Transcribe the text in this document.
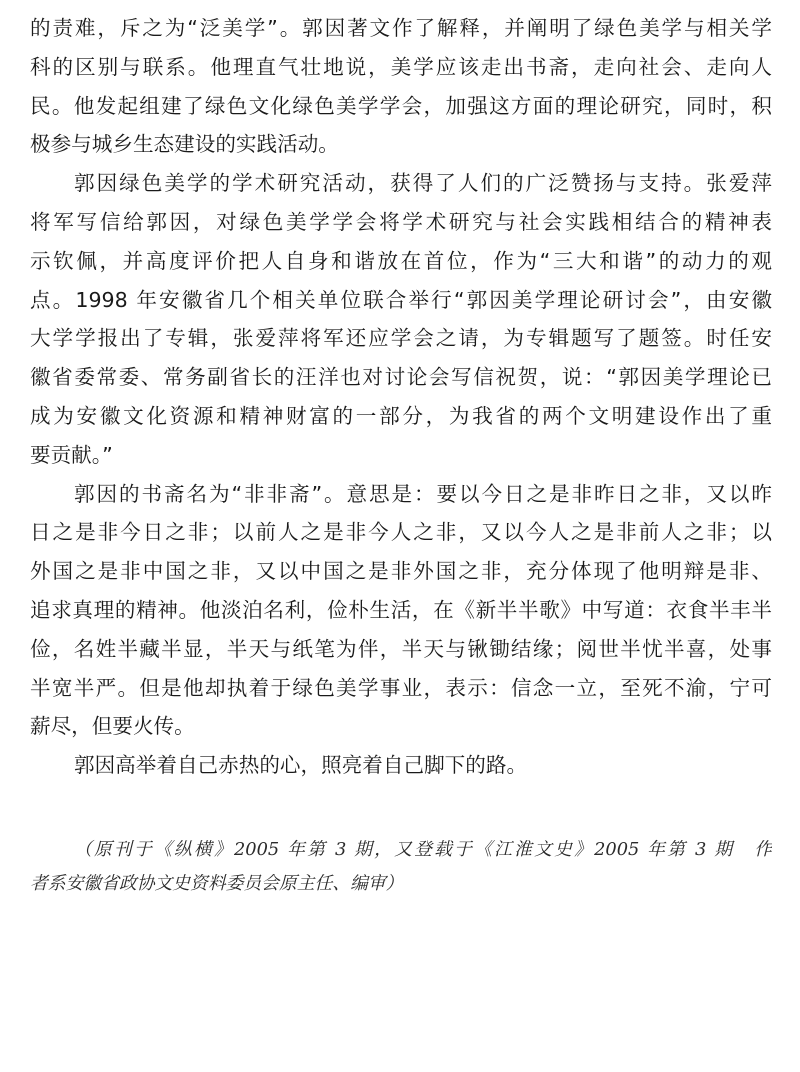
的责难，斥之为“泛美学”。郭因著文作了解释，并阐明了绿色美学与相关学
科的区别与联系。他理直气壮地说，美学应该走出书斋，走向社会、走向人
民。他发起组建了绿色文化绿色美学学会，加强这方面的理论研究，同时，积
极参与城乡生态建设的实践活动。
郭因绿色美学的学术研究活动，获得了人们的广泛赞扬与支持。张爱萍
将军写信给郭因，对绿色美学学会将学术研究与社会实践相结合的精神表
示钦佩，并高度评价把人自身和谐放在首位，作为“三大和谐”的动力的观
点。1998 年安徽省几个相关单位联合举行“郭因美学理论研讨会”，由安徽
大学学报出了专辑，张爱萍将军还应学会之请，为专辑题写了题签。时任安
徽省委常委、常务副省长的汪洋也对讨论会写信祝贺，说：“郭因美学理论已
成为安徽文化资源和精神财富的一部分，为我省的两个文明建设作出了重
要贡献。”
郭因的书斋名为“非非斋”。意思是：要以今日之是非昨日之非，又以昨
日之是非今日之非；以前人之是非今人之非，又以今人之是非前人之非；以
外国之是非中国之非，又以中国之是非外国之非，充分体现了他明辩是非、
追求真理的精神。他淡泊名利，俭朴生活，在《新半半歌》中写道：衣食半丰半
俭，名姓半藏半显，半天与纸笔为伴，半天与锹锄结缘；阅世半忧半喜，处事
半宽半严。但是他却执着于绿色美学事业，表示：信念一立，至死不渝，宁可
薪尽，但要火传。
郭因高举着自己赤热的心，照亮着自己脚下的路。
（原刊于《纵横》2005 年第 3 期，又登载于《江淮文史》2005 年第 3 期　作
者系安徽省政协文史资料委员会原主任、编审）
